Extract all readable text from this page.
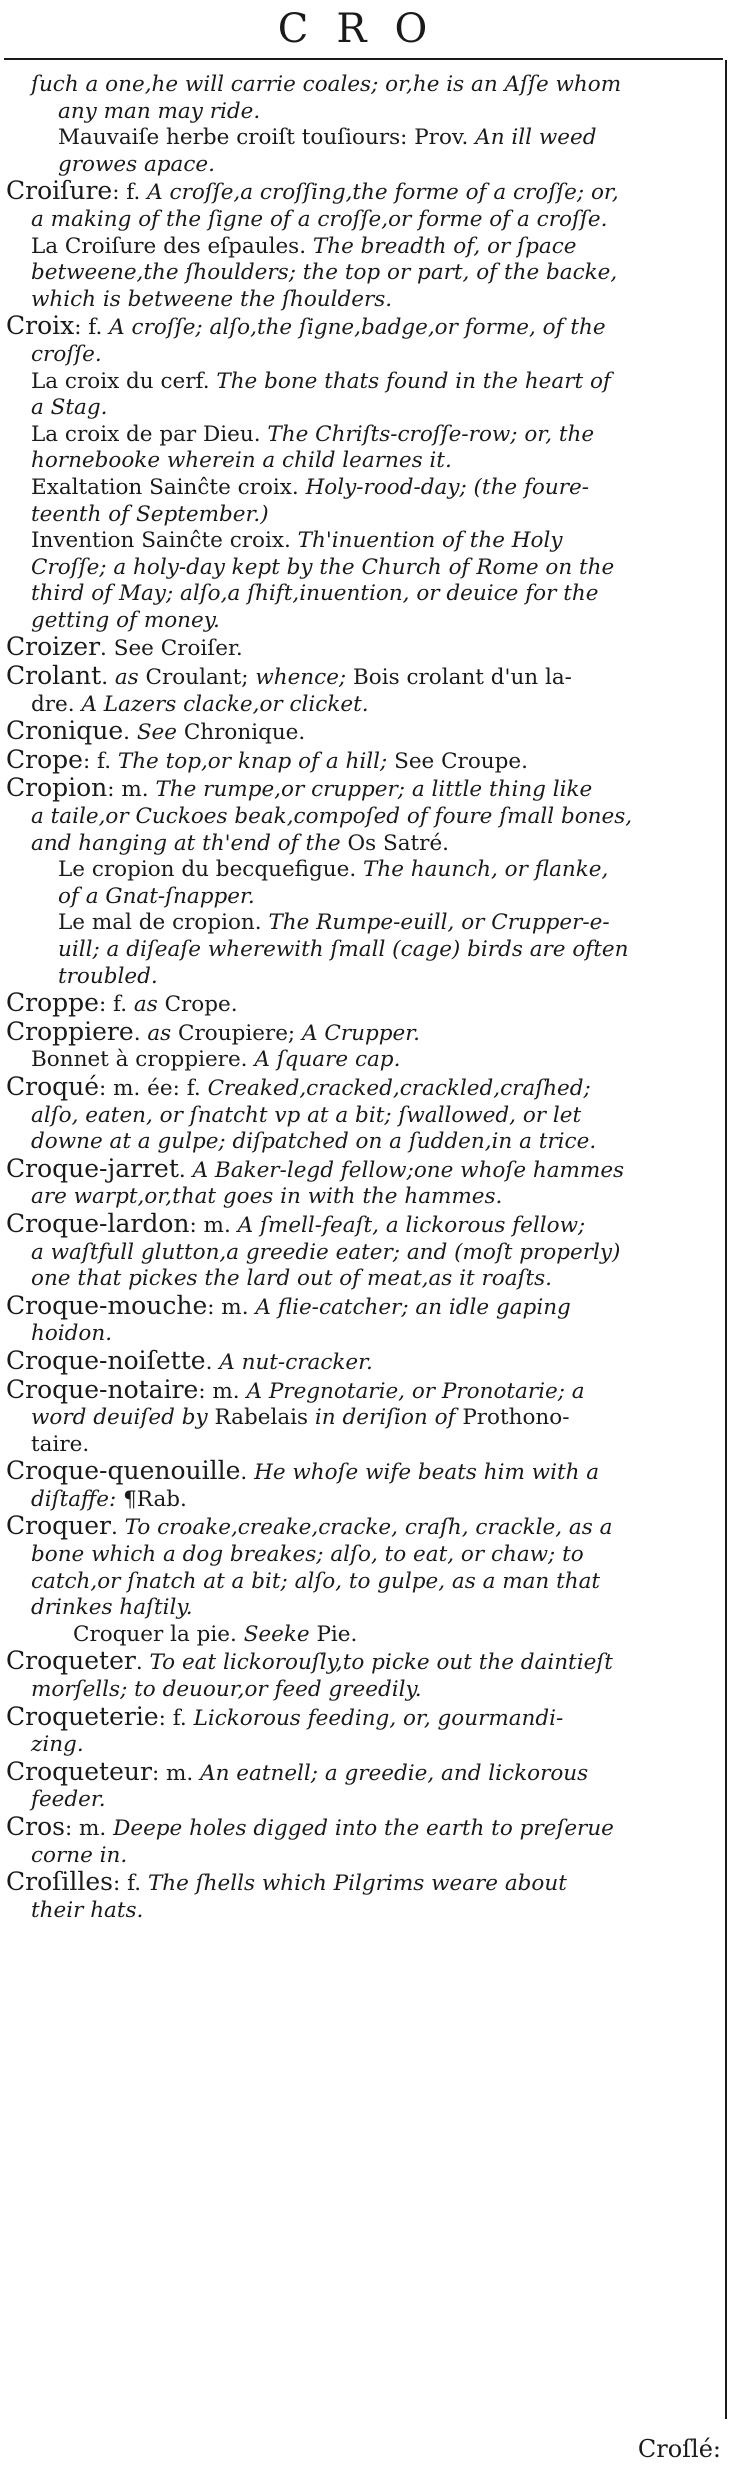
CRO
ſuch a one,he will carrie coales; or,he is an Aſſe whom
any man may ride.
Mauvaiſe herbe croiſt touſiours: Prov. An ill weed
growes apace.
Croiſure: f. A croſſe,a croſſing,the forme of a croſſe; or,
a making of the ſigne of a croſſe,or forme of a croſſe.
La Croiſure des eſpaules. The breadth of, or ſpace
betweene,the ſhoulders; the top or part, of the backe,
which is betweene the ſhoulders.
Croix: f. A croſſe; alſo,the ſigne,badge,or forme, of the
croſſe.
La croix du cerf. The bone thats found in the heart of
a Stag.
La croix de par Dieu. The Chriſts-croſſe-row; or, the
hornebooke wherein a child learnes it.
Exaltation Sainĉte croix. Holy-rood-day; (the foure-
teenth of September.)
Invention Sainĉte croix. Th'inuention of the Holy
Croſſe; a holy-day kept by the Church of Rome on the
third of May; alſo,a ſhift,inuention, or deuice for the
getting of money.
Croizer. See Croiſer.
Crolant. as Croulant; whence; Bois crolant d'un la-
dre. A Lazers clacke,or clicket.
Cronique. See Chronique.
Crope: f. The top,or knap of a hill; See Croupe.
Cropion: m. The rumpe,or crupper; a little thing like
a taile,or Cuckoes beak,compoſed of foure ſmall bones,
and hanging at th'end of the Os Satré.
Le cropion du becquefigue. The haunch, or flanke,
of a Gnat-ſnapper.
Le mal de cropion. The Rumpe-euill, or Crupper-e-
uill; a diſeaſe wherewith ſmall (cage) birds are often
troubled.
Croppe: f. as Crope.
Croppiere. as Croupiere; A Crupper.
Bonnet à croppiere. A ſquare cap.
Croqué: m. ée: f. Creaked,cracked,crackled,craſhed;
alſo, eaten, or ſnatcht vp at a bit; ſwallowed, or let
downe at a gulpe; diſpatched on a ſudden,in a trice.
Croque-jarret. A Baker-legd fellow;one whoſe hammes
are warpt,or,that goes in with the hammes.
Croque-lardon: m. A ſmell-feaſt, a lickorous fellow;
a waſtfull glutton,a greedie eater; and (moſt properly)
one that pickes the lard out of meat,as it roaſts.
Croque-mouche: m. A flie-catcher; an idle gaping
hoidon.
Croque-noiſette. A nut-cracker.
Croque-notaire: m. A Pregnotarie, or Pronotarie; a
word deuiſed by Rabelais in deriſion of Prothono-
taire.
Croque-quenouille. He whoſe wife beats him with a
diſtaffe: ¶Rab.
Croquer. To croake,creake,cracke, craſh, crackle, as a
bone which a dog breakes; alſo, to eat, or chaw; to
catch,or ſnatch at a bit; alſo, to gulpe, as a man that
drinkes haſtily.
Croquer la pie. Seeke Pie.
Croqueter. To eat lickorouſly,to picke out the daintieſt
morſells; to deuour,or feed greedily.
Croqueterie: f. Lickorous feeding, or, gourmandi-
zing.
Croqueteur: m. An eatnell; a greedie, and lickorous
feeder.
Cros: m. Deepe holes digged into the earth to preſerue
corne in.
Croſilles: f. The ſhells which Pilgrims weare about
their hats.
Croſlé:
